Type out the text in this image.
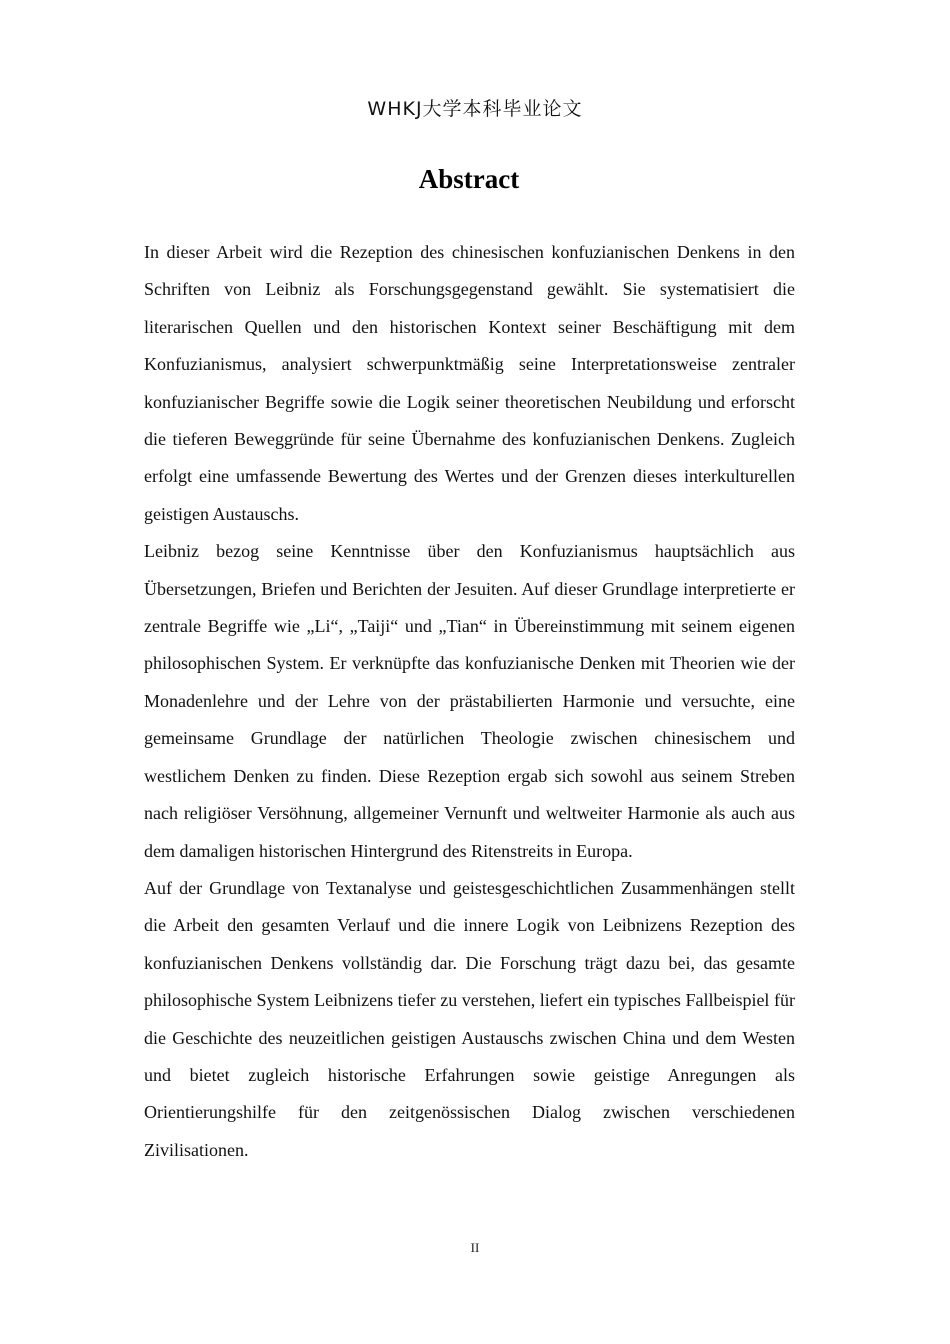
WHKJ大学本科毕业论文
Abstract

In dieser Arbeit wird die Rezeption des chinesischen konfuzianischen Denkens in den Schriften von Leibniz als Forschungsgegenstand gewählt. Sie systematisiert die literarischen Quellen und den historischen Kontext seiner Beschäftigung mit dem Konfuzianismus, analysiert schwerpunktmäßig seine Interpretationsweise zentraler konfuzianischer Begriffe sowie die Logik seiner theoretischen Neubildung und erforscht die tieferen Beweggründe für seine Übernahme des konfuzianischen Denkens. Zugleich erfolgt eine umfassende Bewertung des Wertes und der Grenzen dieses interkulturellen geistigen Austauschs.

Leibniz bezog seine Kenntnisse über den Konfuzianismus hauptsächlich aus Übersetzungen, Briefen und Berichten der Jesuiten. Auf dieser Grundlage interpretierte er zentrale Begriffe wie „Li“, „Taiji“ und „Tian“ in Übereinstimmung mit seinem eigenen philosophischen System. Er verknüpfte das konfuzianische Denken mit Theorien wie der Monadenlehre und der Lehre von der prästabilierten Harmonie und versuchte, eine gemeinsame Grundlage der natürlichen Theologie zwischen chinesischem und westlichem Denken zu finden. Diese Rezeption ergab sich sowohl aus seinem Streben nach religiöser Versöhnung, allgemeiner Vernunft und weltweiter Harmonie als auch aus dem damaligen historischen Hintergrund des Ritenstreits in Europa.

Auf der Grundlage von Textanalyse und geistesgeschichtlichen Zusammenhängen stellt die Arbeit den gesamten Verlauf und die innere Logik von Leibnizens Rezeption des konfuzianischen Denkens vollständig dar. Die Forschung trägt dazu bei, das gesamte philosophische System Leibnizens tiefer zu verstehen, liefert ein typisches Fallbeispiel für die Geschichte des neuzeitlichen geistigen Austauschs zwischen China und dem Westen und bietet zugleich historische Erfahrungen sowie geistige Anregungen als Orientierungshilfe für den zeitgenössischen Dialog zwischen verschiedenen Zivilisationen.

II
